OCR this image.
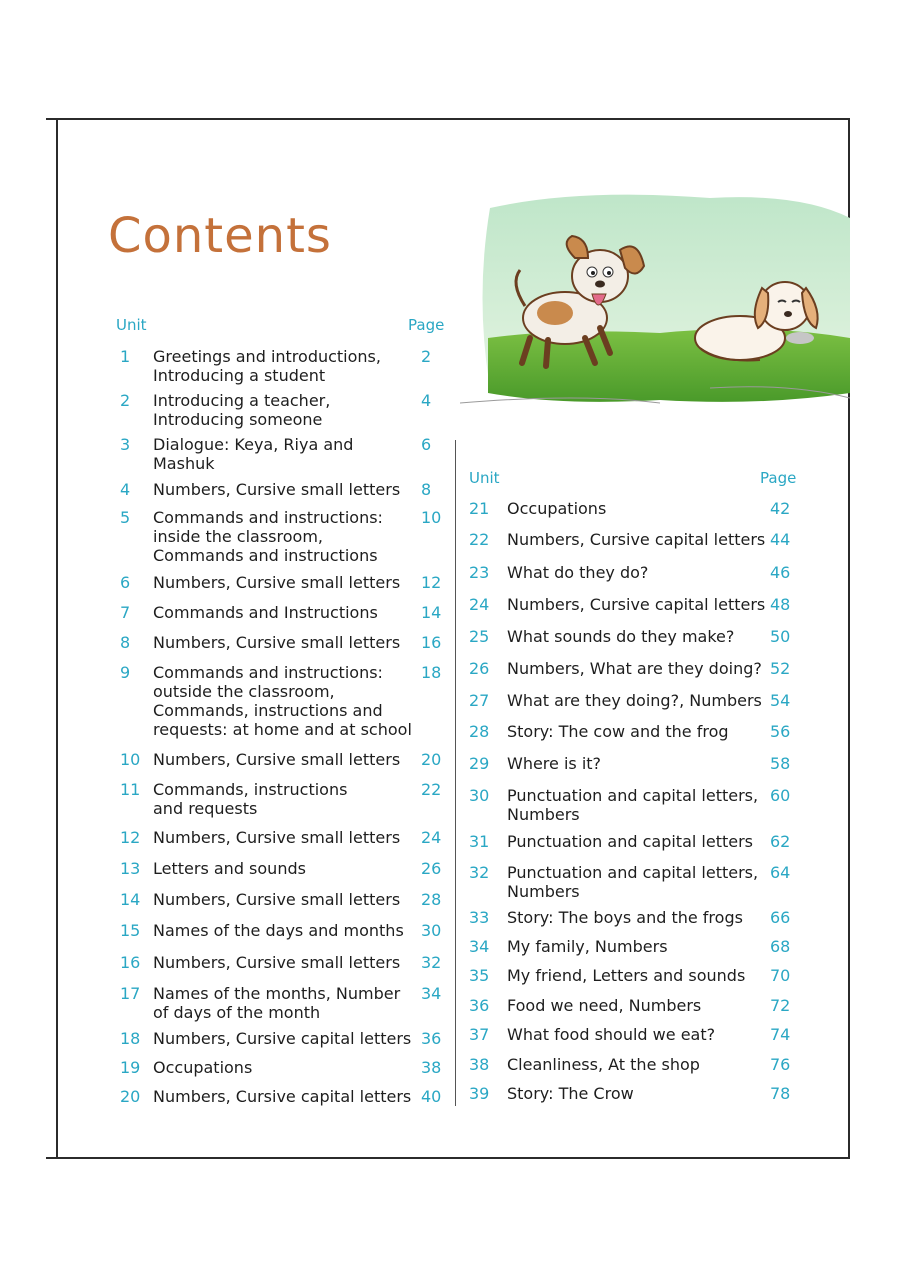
Contents
Unit	Page
1 Greetings and introductions,
Introducing a student
2
2 Introducing a teacher,
Introducing someone
4
3 Dialogue: Keya, Riya and
Mashuk
6
4 Numbers, Cursive small letters 8
5 Commands and instructions:
inside the classroom,
Commands and instructions
10
6 Numbers, Cursive small letters 12
7 Commands and Instructions	14
8 Numbers, Cursive small letters 16
9 Commands and instructions:
outside the classroom,
Commands, instructions and
requests: at home and at school
18
10 Numbers, Cursive small letters 20
11 Commands, instructions
and requests
22
12 Numbers, Cursive small letters 24
13 Letters and sounds	26
14 Numbers, Cursive small letters 28
15 Names of the days and months 30
16 Numbers, Cursive small letters 32
17 Names of the months, Number
of days of the month
34
18 Numbers, Cursive capital letters 36
19 Occupations	38
20 Numbers, Cursive capital letters 40
Unit	Page
21 Occupations	42
22 Numbers, Cursive capital letters 44
23 What do they do?	46
24 Numbers, Cursive capital letters 48
25 What sounds do they make? 50
26 Numbers, What are they doing? 52
27 What are they doing?, Numbers 54
28 Story: The cow and the frog	56
29 Where is it?	58
30 Punctuation and capital letters,
Numbers
60
31 Punctuation and capital letters 62
32 Punctuation and capital letters,
Numbers
64
33 Story: The boys and the frogs 66
34 My family, Numbers	68
35 My friend, Letters and sounds 70
36 Food we need, Numbers	72
37 What food should we eat?	74
38 Cleanliness, At the shop	76
39 Story: The Crow	78
